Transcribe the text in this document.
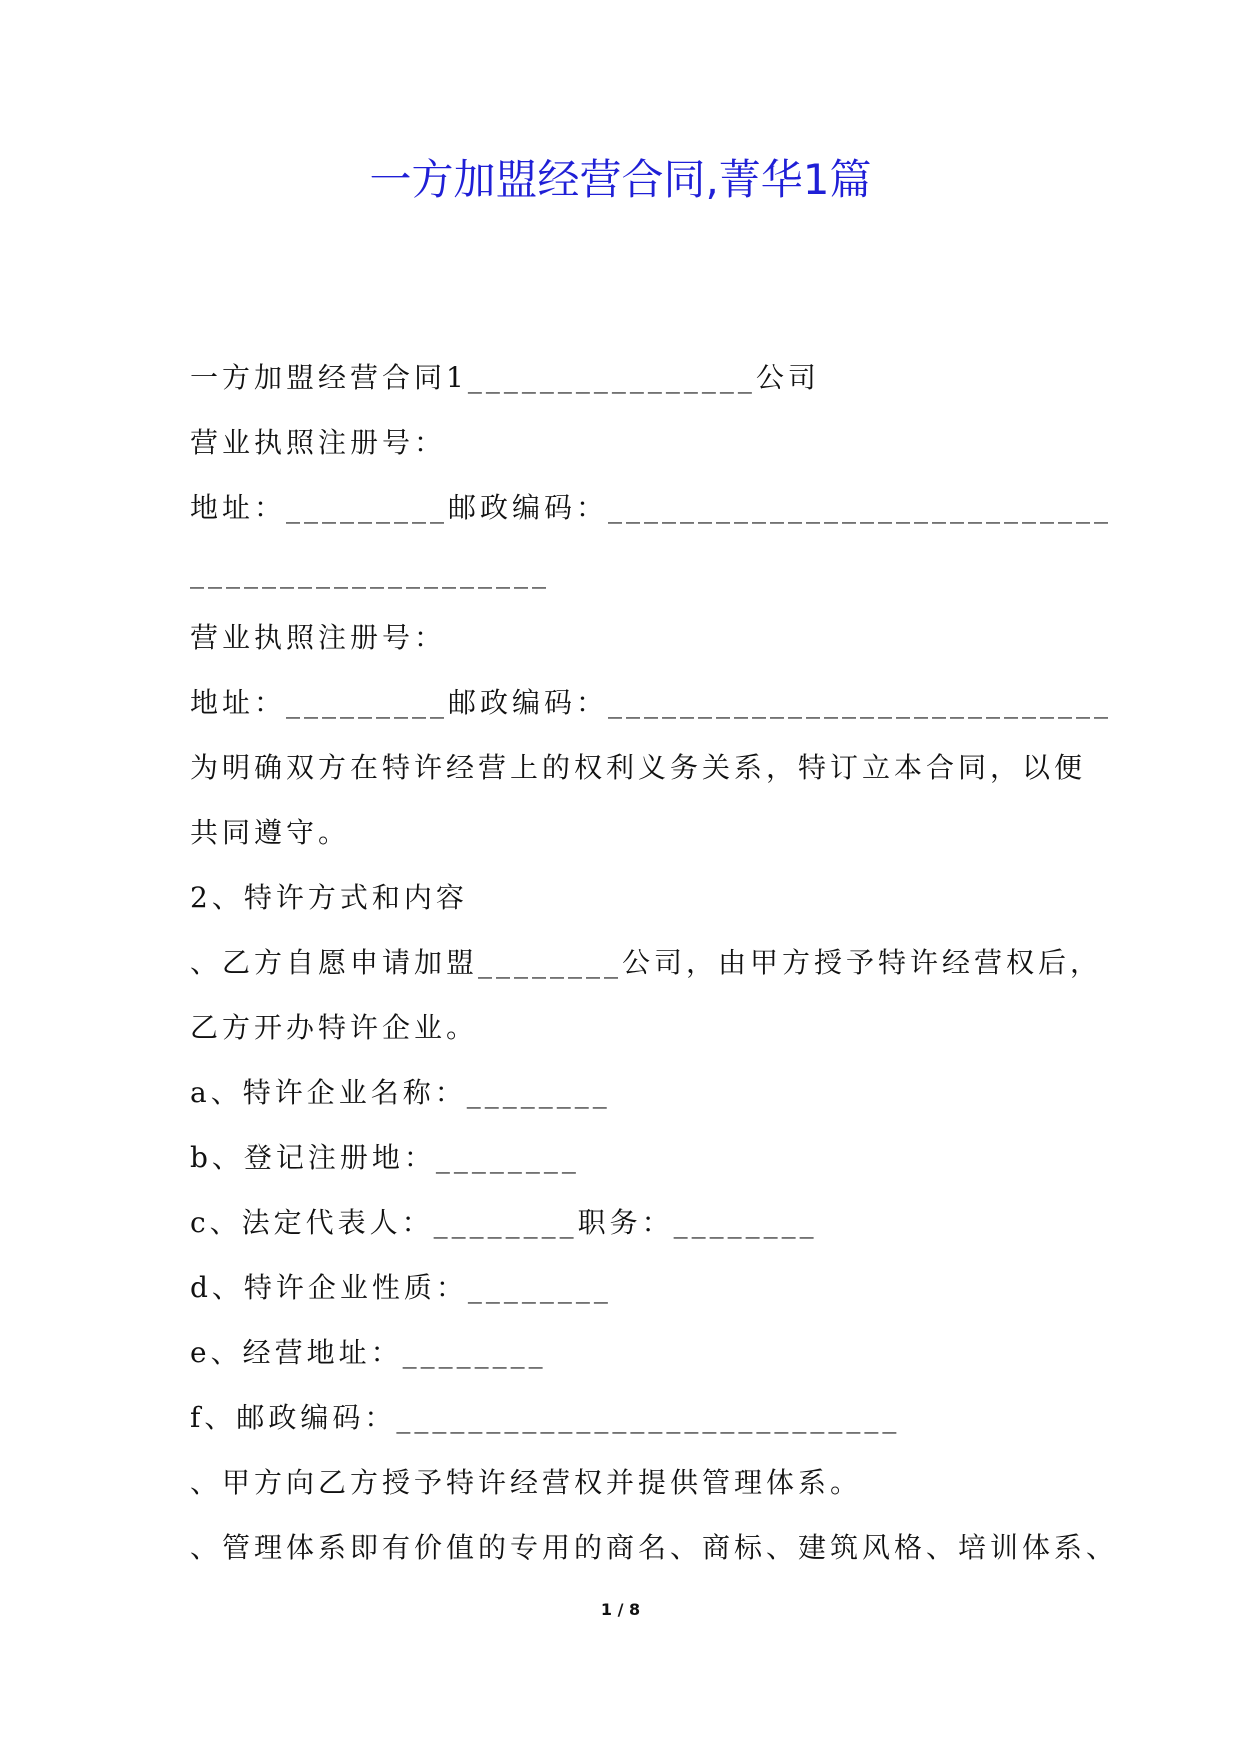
一方加盟经营合同,菁华1篇
一方加盟经营合同1________________公司
营业执照注册号：
地址：_________邮政编码：____________________________
____________________
营业执照注册号：
地址：_________邮政编码：____________________________
为明确双方在特许经营上的权利义务关系，特订立本合同，以便
共同遵守。
2、特许方式和内容
、乙方自愿申请加盟________公司，由甲方授予特许经营权后，
乙方开办特许企业。
a、特许企业名称：________
b、登记注册地：________
c、法定代表人：________职务：________
d、特许企业性质：________
e、经营地址：________
f、邮政编码：____________________________
、甲方向乙方授予特许经营权并提供管理体系。
、管理体系即有价值的专用的商名、商标、建筑风格、培训体系、
1 / 8
